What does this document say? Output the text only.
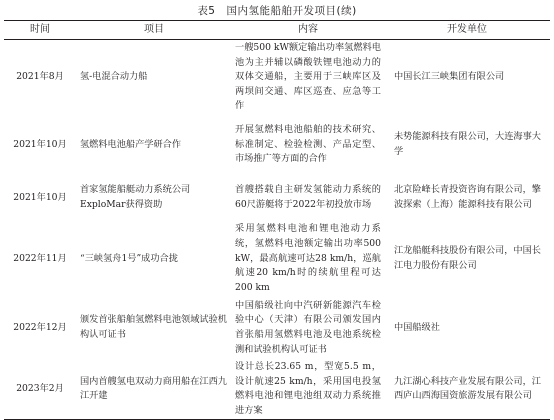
表5　国内氢能船舶开发项目(续)
时间	项目	内容	开发单位
2021年8月	氢-电混合动力船	一艘500 kW额定输出功率氢燃料电池为主并辅以磷酸铁锂电池动力的双体交通船，主要用于三峡库区及两坝间交通、库区巡查、应急等工作	中国长江三峡集团有限公司
2021年10月	氢燃料电池船产学研合作	开展氢燃料电池船舶的技术研究、标准制定、检验检测、产品定型、市场推广等方面的合作	未势能源科技有限公司，大连海事大学
2021年10月	首家氢能船艇动力系统公司ExploMar获得资助	首艘搭载自主研发氢能动力系统的60尺游艇将于2022年初投放市场	北京险峰长青投资咨询有限公司，擎波探索（上海）能源科技有限公司
2022年11月	“三峡氢舟1号”成功合拢	采用氢燃料电池和锂电池动力系统，氢燃料电池额定输出功率500 kW，最高航速可达28 km/h，巡航航速20 km/h时的续航里程可达200 km	江龙船艇科技股份有限公司，中国长江电力股份有限公司
2022年12月	颁发首张船舶氢燃料电池领域试验机构认可证书	中国船级社向中汽研新能源汽车检验中心（天津）有限公司颁发国内首张船用氢燃料电池及电池系统检测和试验机构认可证书	中国船级社
2023年2月	国内首艘氢电双动力商用船在江西九江开建	设计总长23.65 m，型宽5.5 m，设计航速25 km/h，采用国电投氢燃料电池和锂电池组双动力系统推进方案	九江湖心科技产业发展有限公司，江西庐山西海国资旅游发展有限公司
